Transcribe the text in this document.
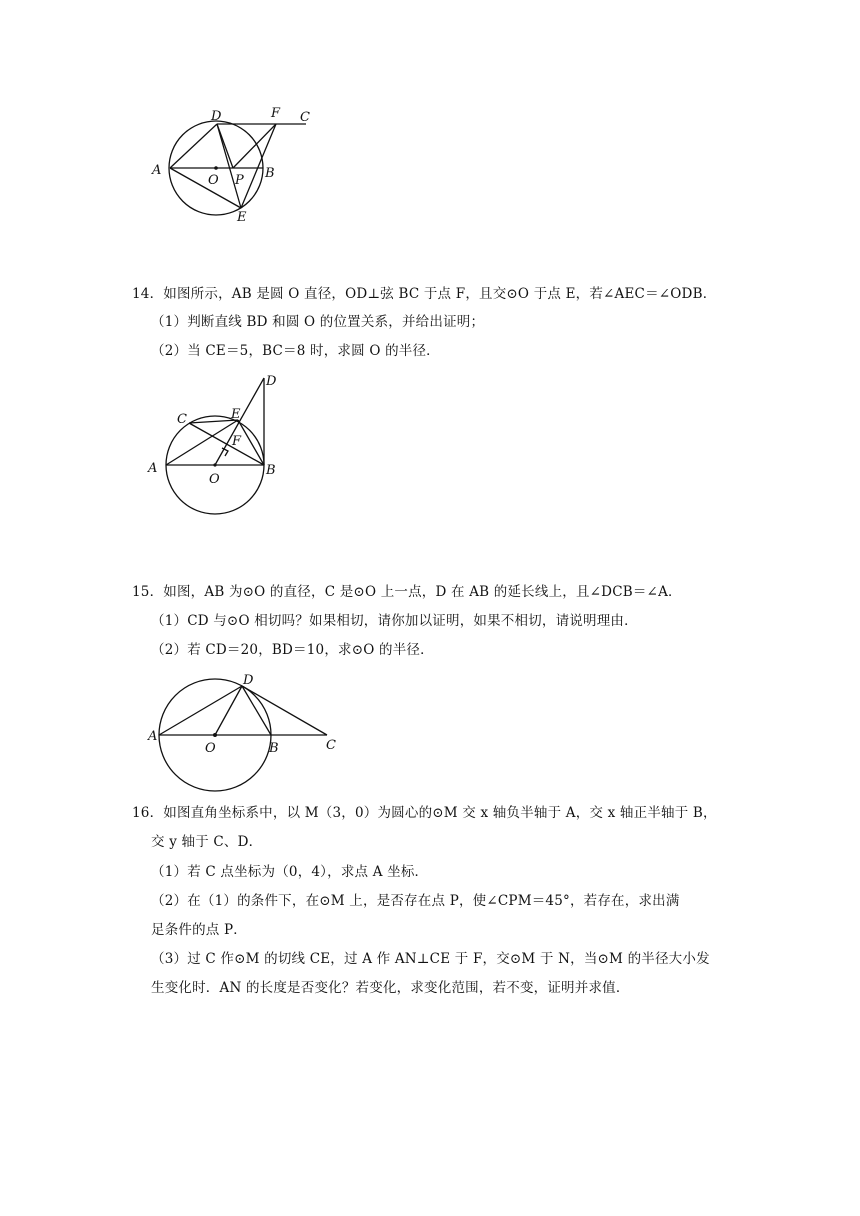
A
O P B
D	F C
E
14．如图所示，AB 是圆 O 直径，OD⊥弦 BC 于点 F，且交⊙O 于点 E，若∠AEC＝∠ODB．
（1）判断直线 BD 和圆 O 的位置关系，并给出证明；
（2）当 CE＝5，BC＝8 时，求圆 O 的半径．
A
O
B
C	E
F
D
15．如图，AB 为⊙O 的直径，C 是⊙O 上一点，D 在 AB 的延长线上，且∠DCB＝∠A．
（1）CD 与⊙O 相切吗？如果相切，请你加以证明，如果不相切，请说明理由．
（2）若 CD＝20，BD＝10，求⊙O 的半径．
A
O	B	C
D
16．如图直角坐标系中，以 M（3，0）为圆心的⊙M 交 x 轴负半轴于 A，交 x 轴正半轴于 B，
交 y 轴于 C、D．
（1）若 C 点坐标为（0，4），求点 A 坐标．
（2）在（1）的条件下，在⊙M 上，是否存在点 P，使∠CPM＝45°，若存在，求出满
足条件的点 P．
（3）过 C 作⊙M 的切线 CE，过 A 作 AN⊥CE 于 F，交⊙M 于 N，当⊙M 的半径大小发
生变化时．AN 的长度是否变化？若变化，求变化范围，若不变，证明并求值．
